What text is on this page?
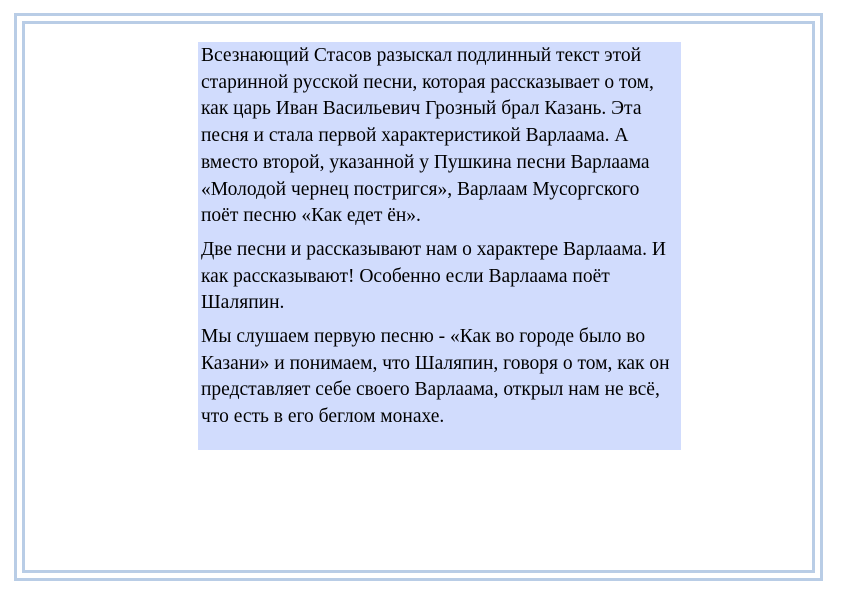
Всезнающий Стасов разыскал подлинный текст этой старинной русской песни, которая рассказывает о том, как царь Иван Васильевич Грозный брал Казань. Эта песня и стала первой характеристикой Варлаама. А вместо второй, указанной у Пушкина песни Варлаама «Молодой чернец постригся», Варлаам Мусоргского поёт песню «Как едет ён».

Две песни и рассказывают нам о характере Варлаама. И как рассказывают! Особенно если Варлаама поёт Шаляпин.

Мы слушаем первую песню - «Как во городе было во Казани» и понимаем, что Шаляпин, говоря о том, как он представляет себе своего Варлаама, открыл нам не всё, что есть в его беглом монахе.
